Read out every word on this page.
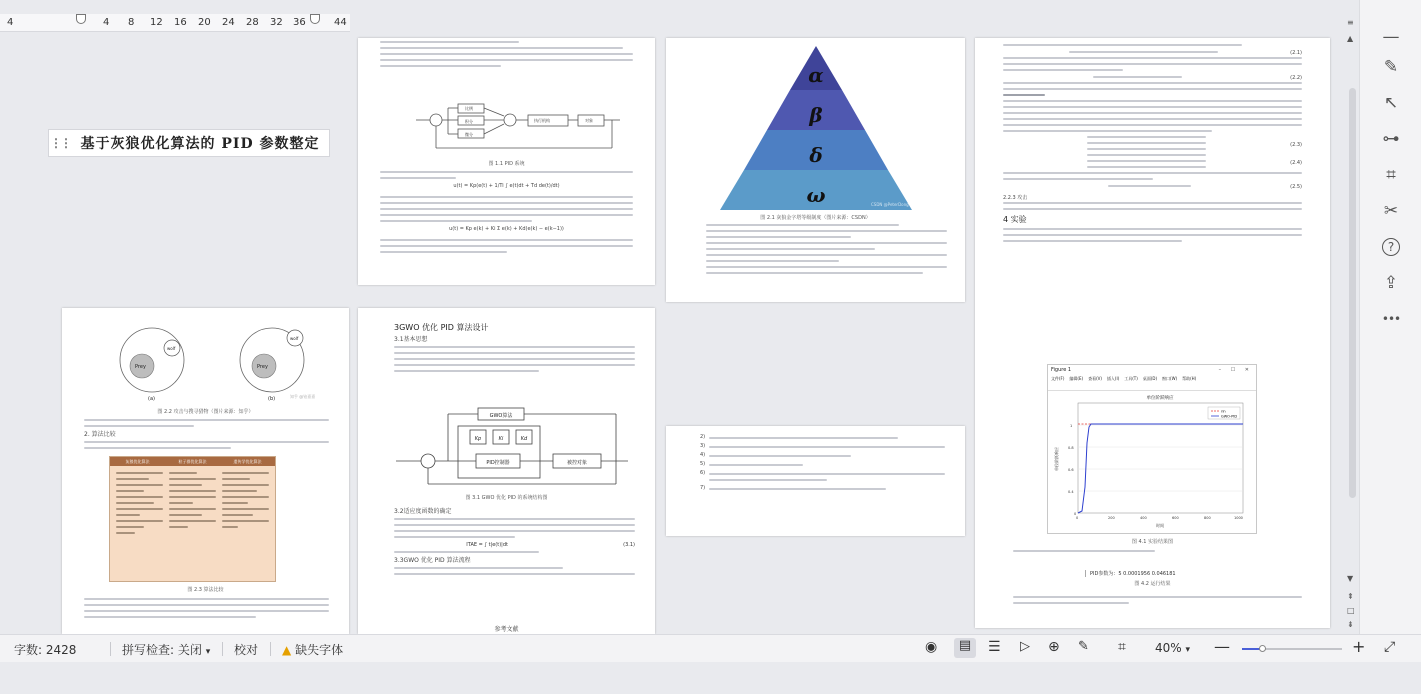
4	4 8 12 16 20 24 28 32 36	44
比例
积分
微分
执行机构	对象
图 1.1 PID 系统
u(t) = Kp(e(t) + 1/Ti ∫ e(t)dt + Td de(t)/dt)
u(t) = Kp e(k) + Ki Σ e(k) + Kd(e(k) − e(k−1))
α
β
δ
ω	CSDN @PeterDong
图 2.1 灰狼金字塔等级制度（图片来源：CSDN）
(2.1)
(2.2)
(2.3)
(2.4)
(2.5)
2.2.3 攻击
4 实验
Figure 1	– ☐ ✕
文件(F) 编辑(E) 查看(V) 插入(I) 工具(T) 桌面(D) 窗口(W) 帮助(H)
单位阶跃响应
1
0.8
0.6
0.4
0
0	200	400	600	800	1000
时间
单位阶跃响应
rin
GWO-PID
图 4.1 实验结果图
PID参数为：5 0.0001956 0.046181
图 4.2 运行结果
Prey	Prey
wolf
wolf
(a)	(b)	知乎 @铂嘉嘉
图 2.2 攻击与搜寻猎物（图片来源：知乎）
2. 算法比较
灰狼优化算法	粒子群优化算法	遗传学优化算法
图 2.3 算法比较
3GWO 优化 PID 算法设计
3.1基本思想
GWO算法
Kp	Ki	Kd
PID控制器	被控对象
图 3.1 GWO 优化 PID 的系统结构图
3.2适应度函数的确定
ITAE = ∫ t|e(t)|dt	(3.1)
3.3GWO 优化 PID 算法流程
参考文献
2)
3)
4)
5)
6)
7)
⋮⋮ 基于灰狼优化算法的 PID 参数整定
≡
▲
▼
⇞
□
⇟
—
✎
↖
⊶
⌗
✂
?
⇪
•••
字数: 2428	拼写检查: 关闭 ▾ 校对 ▲ 缺失字体	◉	▤	☰ ▷ ⊕ ✎ ⌗ 40% ▾ —	+ ⤢
